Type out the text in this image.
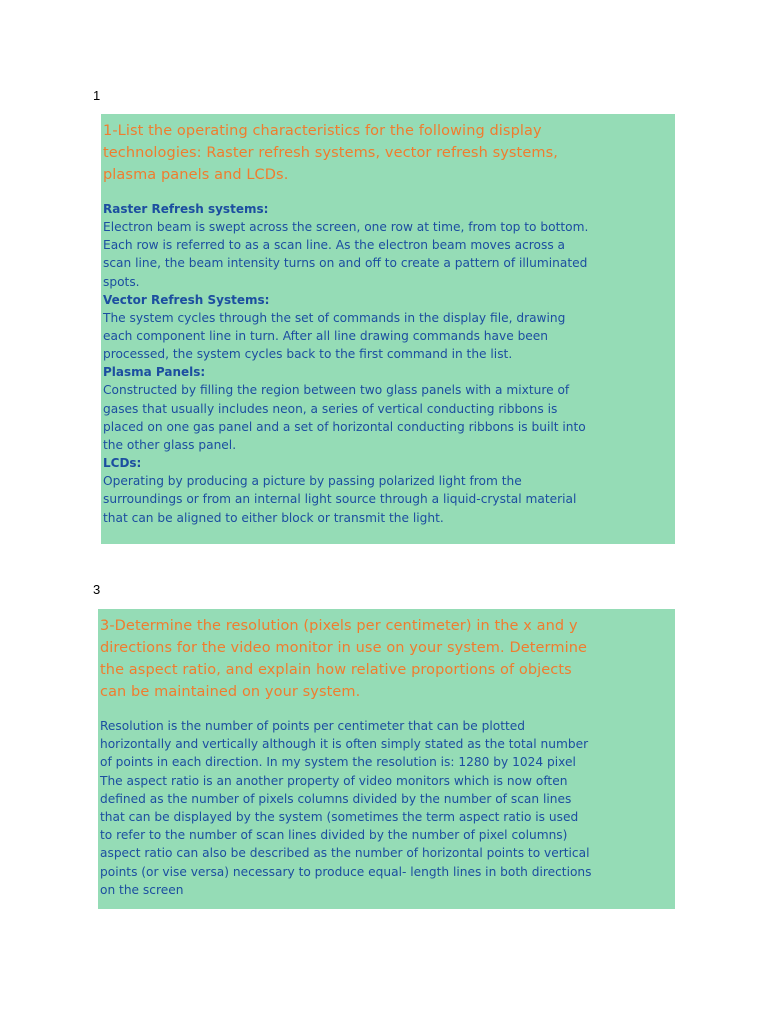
1
1-List the operating characteristics for the following display
technologies: Raster refresh systems, vector refresh systems,
plasma panels and LCDs.

Raster Refresh systems:

Electron beam is swept across the screen, one row at time, from top to bottom.
Each row is referred to as a scan line. As the electron beam moves across a
scan line, the beam intensity turns on and off to create a pattern of illuminated
spots.

Vector Refresh Systems:

The system cycles through the set of commands in the display file, drawing
each component line in turn. After all line drawing commands have been
processed, the system cycles back to the first command in the list.

Plasma Panels:

Constructed by filling the region between two glass panels with a mixture of
gases that usually includes neon, a series of vertical conducting ribbons is
placed on one gas panel and a set of horizontal conducting ribbons is built into
the other glass panel.

LCDs:

Operating by producing a picture by passing polarized light from the
surroundings or from an internal light source through a liquid-crystal material
that can be aligned to either block or transmit the light.
3
3-Determine the resolution (pixels per centimeter) in the x and y
directions for the video monitor in use on your system. Determine
the aspect ratio, and explain how relative proportions of objects
can be maintained on your system.
Resolution is the number of points per centimeter that can be plotted
horizontally and vertically although it is often simply stated as the total number
of points in each direction. In my system the resolution is: 1280 by 1024 pixel
The aspect ratio is an another property of video monitors which is now often
defined as the number of pixels columns divided by the number of scan lines
that can be displayed by the system (sometimes the term aspect ratio is used
to refer to the number of scan lines divided by the number of pixel columns)
aspect ratio can also be described as the number of horizontal points to vertical
points (or vise versa) necessary to produce equal- length lines in both directions
on the screen
